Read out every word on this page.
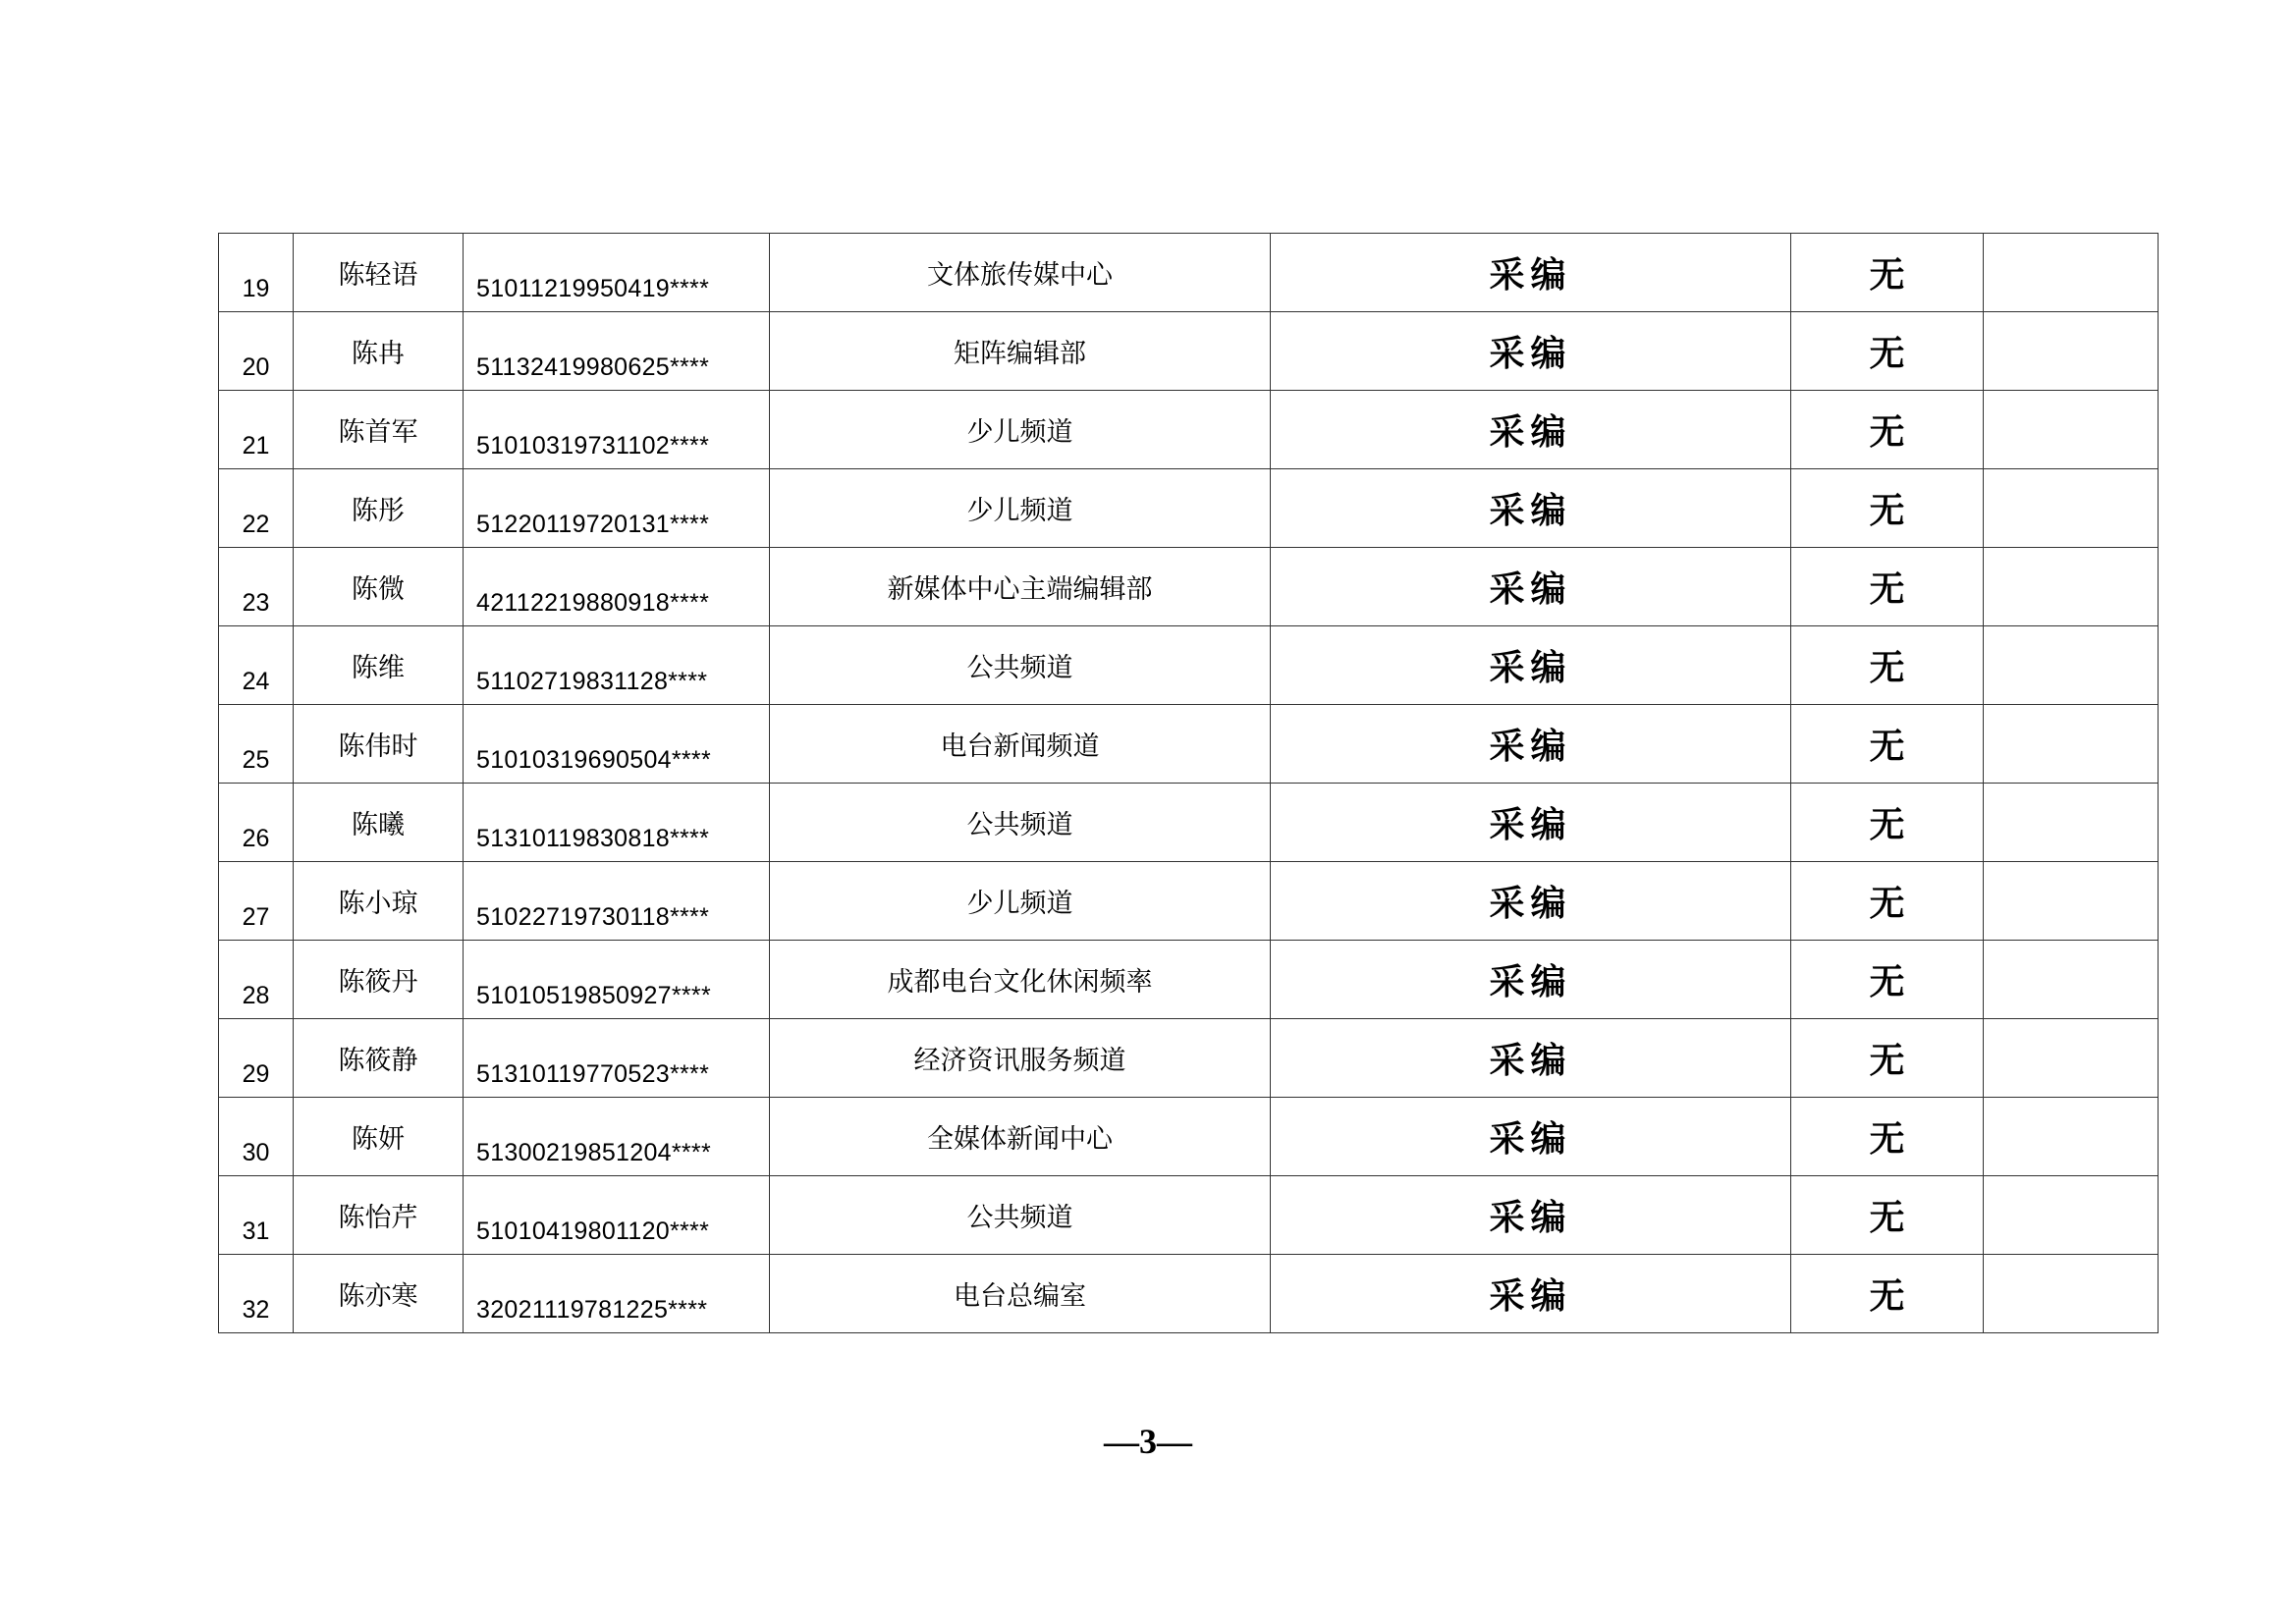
19	陈轻语	51011219950419****	文体旅传媒中心	采编	无	

20	陈冉	51132419980625****	矩阵编辑部	采编	无	

21	陈首军	51010319731102****	少儿频道	采编	无	

22	陈彤	51220119720131****	少儿频道	采编	无	

23	陈微	42112219880918****	新媒体中心主端编辑部	采编	无	

24	陈维	51102719831128****	公共频道	采编	无	

25	陈伟时	51010319690504****	电台新闻频道	采编	无	

26	陈曦	51310119830818****	公共频道	采编	无	

27	陈小琼	51022719730118****	少儿频道	采编	无	

28	陈筱丹	51010519850927****	成都电台文化休闲频率	采编	无	

29	陈筱静	51310119770523****	经济资讯服务频道	采编	无	

30	陈妍	51300219851204****	全媒体新闻中心	采编	无	

31	陈怡芹	51010419801120****	公共频道	采编	无	

32	陈亦寒	32021119781225****	电台总编室	采编	无	

—3—
